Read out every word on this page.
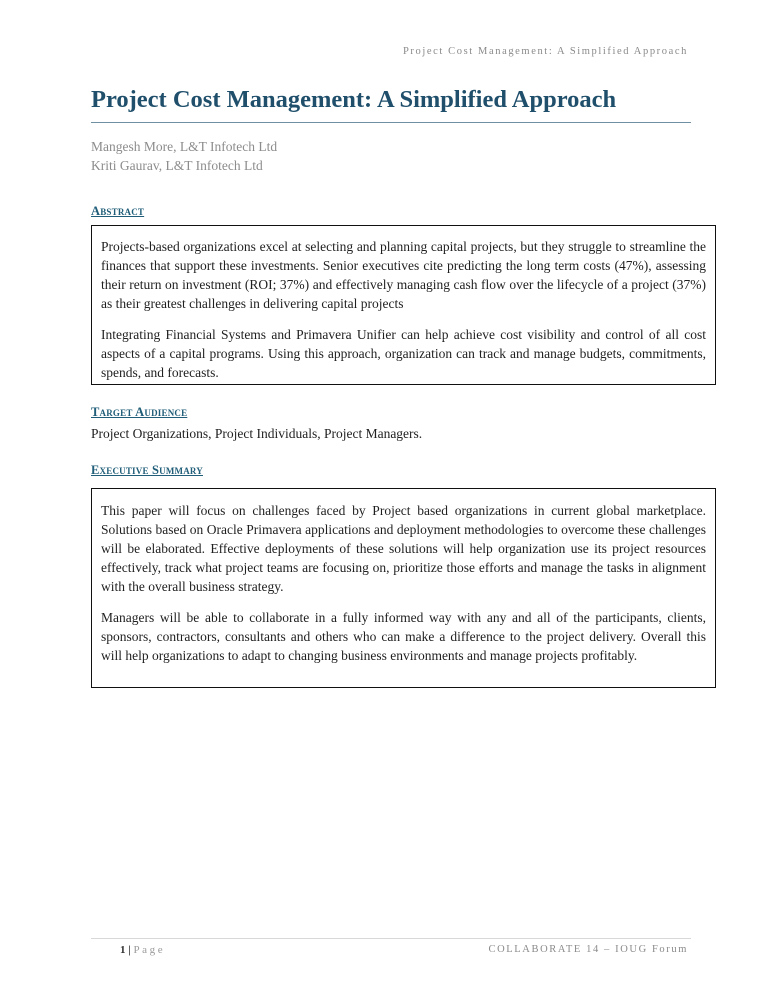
Project Cost Management: A Simplified Approach
Project Cost Management: A Simplified Approach
Mangesh More, L&T Infotech Ltd
Kriti Gaurav, L&T Infotech Ltd
Abstract

Projects-based organizations excel at selecting and planning capital projects, but they struggle to streamline the finances that support these investments. Senior executives cite predicting the long term costs (47%), assessing their return on investment (ROI; 37%) and effectively managing cash flow over the lifecycle of a project (37%) as their greatest challenges in delivering capital projects

Integrating Financial Systems and Primavera Unifier can help achieve cost visibility and control of all cost aspects of a capital programs. Using this approach, organization can track and manage budgets, commitments, spends, and forecasts.

Target Audience
Project Organizations, Project Individuals, Project Managers.
Executive Summary

This paper will focus on challenges faced by Project based organizations in current global marketplace. Solutions based on Oracle Primavera applications and deployment methodologies to overcome these challenges will be elaborated. Effective deployments of these solutions will help organization use its project resources effectively, track what project teams are focusing on, prioritize those efforts and manage the tasks in alignment with the overall business strategy.

Managers will be able to collaborate in a fully informed way with any and all of the participants, clients, sponsors, contractors, consultants and others who can make a difference to the project delivery. Overall this will help organizations to adapt to changing business environments and manage projects profitably.

1 | Page	COLLABORATE 14 – IOUG Forum
